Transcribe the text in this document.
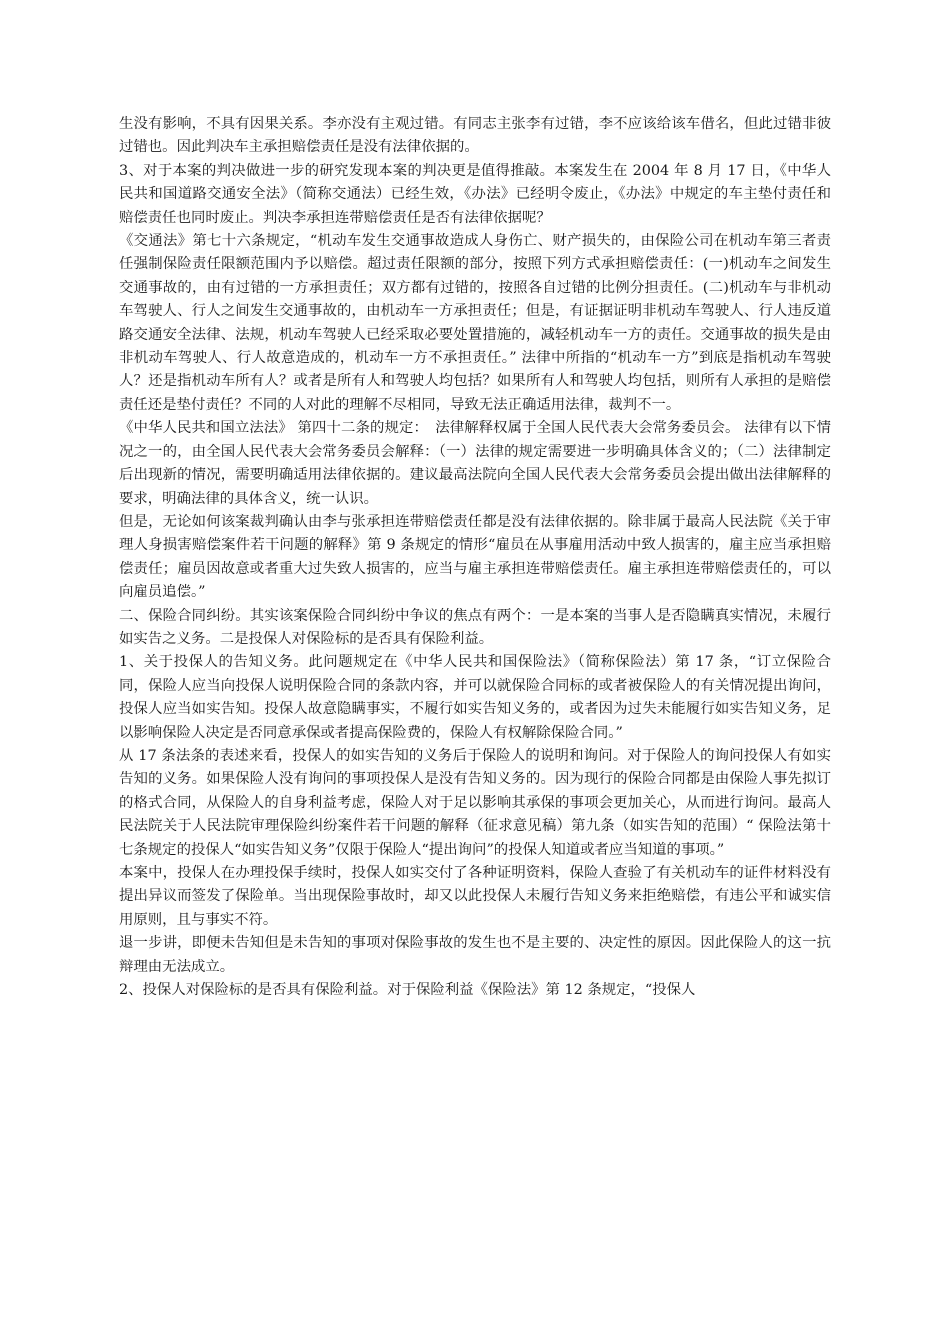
生没有影响，不具有因果关系。李亦没有主观过错。有同志主张李有过错，李不应该给该车借名，但此过错非彼过错也。因此判决车主承担赔偿责任是没有法律依据的。

3、对于本案的判决做进一步的研究发现本案的判决更是值得推敲。本案发生在 2004 年 8 月 17 日，《中华人民共和国道路交通安全法》（简称交通法）已经生效，《办法》已经明令废止，《办法》中规定的车主垫付责任和赔偿责任也同时废止。判决李承担连带赔偿责任是否有法律依据呢？

《交通法》第七十六条规定，“机动车发生交通事故造成人身伤亡、财产损失的，由保险公司在机动车第三者责任强制保险责任限额范围内予以赔偿。超过责任限额的部分，按照下列方式承担赔偿责任：(一)机动车之间发生交通事故的，由有过错的一方承担责任；双方都有过错的，按照各自过错的比例分担责任。(二)机动车与非机动车驾驶人、行人之间发生交通事故的，由机动车一方承担责任；但是，有证据证明非机动车驾驶人、行人违反道路交通安全法律、法规，机动车驾驶人已经采取必要处置措施的，减轻机动车一方的责任。交通事故的损失是由非机动车驾驶人、行人故意造成的，机动车一方不承担责任。” 法律中所指的“机动车一方”到底是指机动车驾驶人？还是指机动车所有人？或者是所有人和驾驶人均包括？如果所有人和驾驶人均包括，则所有人承担的是赔偿责任还是垫付责任？不同的人对此的理解不尽相同，导致无法正确适用法律，裁判不一。

《中华人民共和国立法法》 第四十二条的规定：　法律解释权属于全国人民代表大会常务委员会。 法律有以下情况之一的，由全国人民代表大会常务委员会解释：（一）法律的规定需要进一步明确具体含义的；（二）法律制定后出现新的情况，需要明确适用法律依据的。建议最高法院向全国人民代表大会常务委员会提出做出法律解释的要求，明确法律的具体含义，统一认识。

但是，无论如何该案裁判确认由李与张承担连带赔偿责任都是没有法律依据的。除非属于最高人民法院《关于审理人身损害赔偿案件若干问题的解释》第 9 条规定的情形“雇员在从事雇用活动中致人损害的，雇主应当承担赔偿责任；雇员因故意或者重大过失致人损害的，应当与雇主承担连带赔偿责任。雇主承担连带赔偿责任的，可以向雇员追偿。”

二、保险合同纠纷。其实该案保险合同纠纷中争议的焦点有两个：一是本案的当事人是否隐瞒真实情况，未履行如实告之义务。二是投保人对保险标的是否具有保险利益。

1、关于投保人的告知义务。此问题规定在《中华人民共和国保险法》（简称保险法）第 17 条，“订立保险合同，保险人应当向投保人说明保险合同的条款内容，并可以就保险合同标的或者被保险人的有关情况提出询问，投保人应当如实告知。投保人故意隐瞒事实，不履行如实告知义务的，或者因为过失未能履行如实告知义务，足以影响保险人决定是否同意承保或者提高保险费的，保险人有权解除保险合同。”

从 17 条法条的表述来看，投保人的如实告知的义务后于保险人的说明和询问。对于保险人的询问投保人有如实告知的义务。如果保险人没有询问的事项投保人是没有告知义务的。因为现行的保险合同都是由保险人事先拟订的格式合同，从保险人的自身利益考虑，保险人对于足以影响其承保的事项会更加关心，从而进行询问。最高人民法院关于人民法院审理保险纠纷案件若干问题的解释（征求意见稿）第九条（如实告知的范围）“ 保险法第十七条规定的投保人“如实告知义务”仅限于保险人“提出询问”的投保人知道或者应当知道的事项。”

本案中，投保人在办理投保手续时，投保人如实交付了各种证明资料，保险人查验了有关机动车的证件材料没有提出异议而签发了保险单。当出现保险事故时，却又以此投保人未履行告知义务来拒绝赔偿，有违公平和诚实信用原则，且与事实不符。

退一步讲，即便未告知但是未告知的事项对保险事故的发生也不是主要的、决定性的原因。因此保险人的这一抗辩理由无法成立。

2、投保人对保险标的是否具有保险利益。对于保险利益《保险法》第 12 条规定，“投保人
